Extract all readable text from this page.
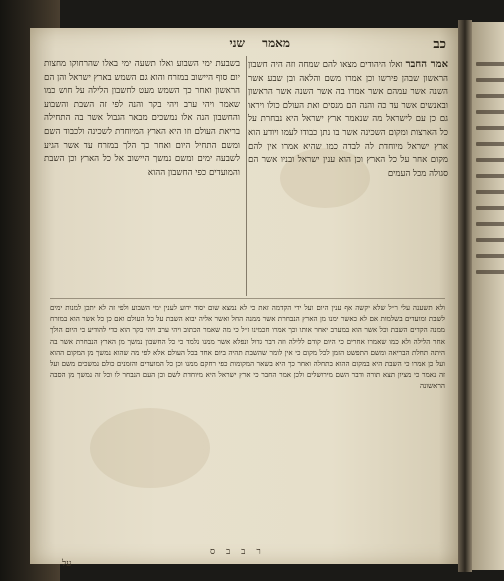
כב
מאמר
שני

אמר החבר ואלו היהודים מצאו להם שמחה וזה היה חשבון הראשון שבהן פירשו וכן אמרו משם והלאה ובן שבע אשר השנה אשר עמהם אשר אמרו בה אשר השנה אשר הראשון ובאנשים אשר עד כה והנה הם מנסים ואת העולם כולו ויראו גם כן עם לישראל מה שנאמר ארץ ישראל היא נבחרת על כל הארצות ומקום השכינה אשר בו נתן כבודו לעמו ויודע הוא ארץ ישראל מיוחדת לה לבדה כמו שהיא אמרו אין להם מקום אחר על כל הארץ וכן הוא ענין ישראל ובניו אשר הם סגולה מכל העמים

בשבעת ימי השבוע ואלו תשעה ימי באלו שהרחוקו מחצות יום סוף היישוב במזרח והוא גם השמש בארץ ישראל והן הם הראשון ואחר כך השמש מעט לחשבון הלילה על חוש כמו שאמר ויהי ערב ויהי בקר והנה לפי זה השבת והשבוע והחשבון הנה אלו נמשכים מבאר הגבול אשר בה התחילה בריאת העולם וזו היא הארץ המיוחדת לשכינה ולכבוד השם ומשם התחיל היום ואחר כך הלך במזרח עד אשר הגיע לשבעה ימים ומשם נמשך היישוב אל כל הארץ וכן השבת והמועדים כפי החשבון ההוא

ולא תשענה עלי ר״ל שלא יקשה אף ענין היום ועל ידי הקדמה זאת כי לא נמצא שום יסוד ידוע לענין ימי השבוע ולפי זה לא יתכן למנות ימים לשבת ומועדים בשלמות אם לא כאשר ימנו מן הארץ הנבחרת אשר ממנה החל ואשר אליה יבוא השבת על כל העולם ואם כן כל אשר הוא במזרח ממנה הקדים השבת וכל אשר הוא במערב יאחר אותו וכך אמרו חכמינו ז״ל כי מה שאמר הכתוב ויהי ערב ויהי בקר הוא כדי להודיע כי היום הולך אחר הלילה ולא כמו שאמרו אחרים כי היום קודם ללילה וזה דבר גדול ונפלא אשר ממנו נלמד כי כל החשבון נמשך מן הארץ הנבחרת אשר בה היתה תחלת הבריאה ומשם התפשט הזמן לכל מקום כי אין לומר שהשבת תהיה ביום אחד בכל העולם אלא לפי מה שהוא נמשך מן המקום ההוא ועל כן אמרו כי השבת היא במקום ההוא בתחלה ואחר כך היא בשאר המקומות כפי רחקם ממנו וכן כל המועדים והזמנים כולם נמשכים משם ועל זה נאמר כי מציון תצא תורה ודבר השם מירושלים ולכן אמר החבר כי ארץ ישראל היא מיוחדת לשם וכן העם הנבחר לו וכל זה נמשך מן הסבה הראשונה

ר ב ב ס
על
